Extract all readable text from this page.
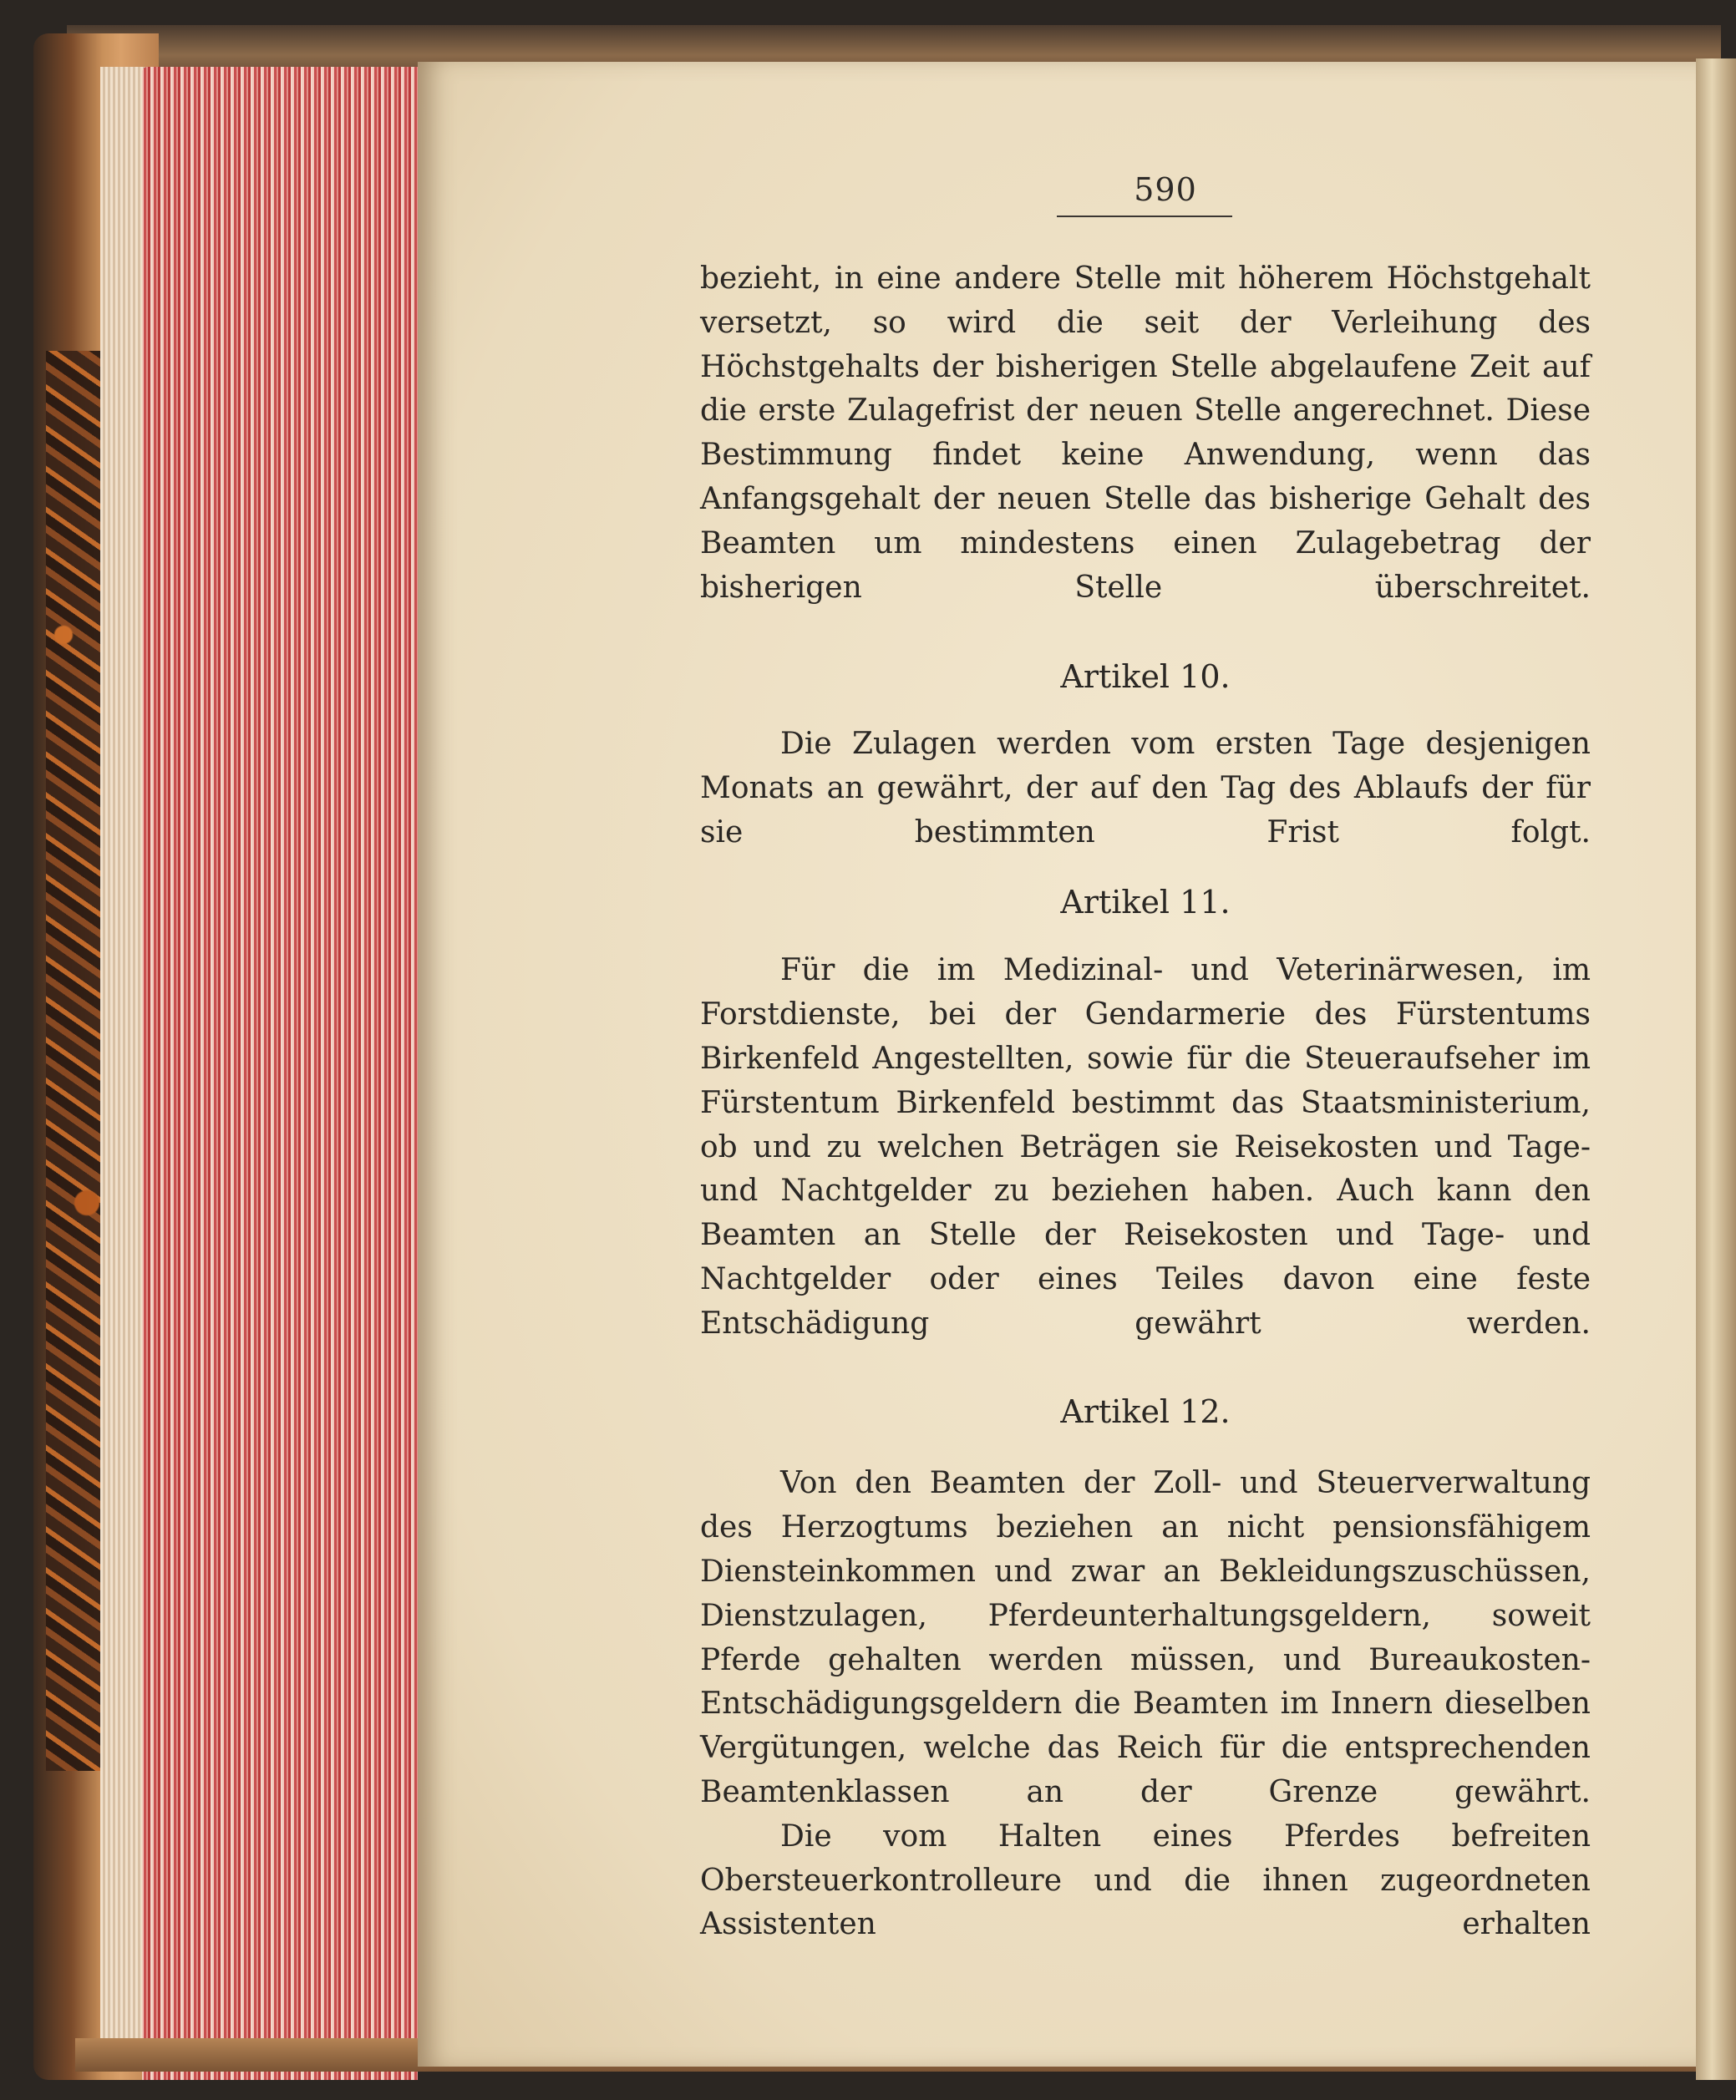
590

bezieht, in eine andere Stelle mit höherem Höchstgehalt versetzt, so wird die seit der Verleihung des Höchstgehalts der bisherigen Stelle abgelaufene Zeit auf die erste Zulagefrist der neuen Stelle angerechnet. Diese Bestimmung findet keine Anwendung, wenn das Anfangsgehalt der neuen Stelle das bisherige Gehalt des Beamten um mindestens einen Zulagebetrag der bisherigen Stelle überschreitet.

Artikel 10.

Die Zulagen werden vom ersten Tage desjenigen Monats an gewährt, der auf den Tag des Ablaufs der für sie bestimmten Frist folgt.

Artikel 11.

Für die im Medizinal- und Veterinärwesen, im Forstdienste, bei der Gendarmerie des Fürstentums Birkenfeld Angestellten, sowie für die Steueraufseher im Fürstentum Birkenfeld bestimmt das Staatsministerium, ob und zu welchen Beträgen sie Reisekosten und Tage- und Nachtgelder zu beziehen haben. Auch kann den Beamten an Stelle der Reisekosten und Tage- und Nachtgelder oder eines Teiles davon eine feste Entschädigung gewährt werden.

Artikel 12.

Von den Beamten der Zoll- und Steuerverwaltung des Herzogtums beziehen an nicht pensionsfähigem Diensteinkommen und zwar an Bekleidungszuschüssen, Dienstzulagen, Pferdeunterhaltungsgeldern, soweit Pferde gehalten werden müssen, und Bureaukosten-Entschädigungsgeldern die Beamten im Innern dieselben Vergütungen, welche das Reich für die entsprechenden Beamtenklassen an der Grenze gewährt.

Die vom Halten eines Pferdes befreiten Obersteuerkontrolleure und die ihnen zugeordneten Assistenten erhalten
